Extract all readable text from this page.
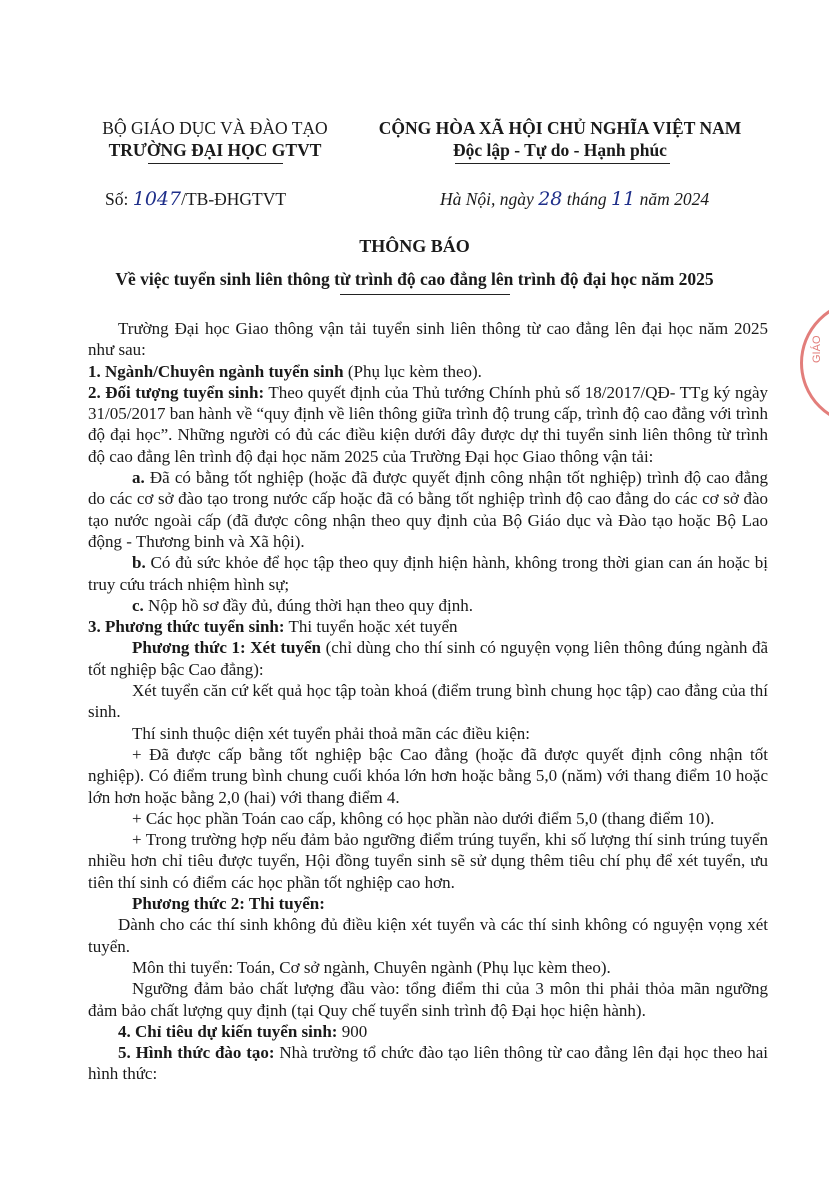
BỘ GIÁO DỤC VÀ ĐÀO TẠO
TRƯỜNG ĐẠI HỌC GTVT
CỘNG HÒA XÃ HỘI CHỦ NGHĨA VIỆT NAM
Độc lập - Tự do - Hạnh phúc
Số: 1047/TB-ĐHGTVT	Hà Nội, ngày 28 tháng 11 năm 2024
THÔNG BÁO
Về việc tuyển sinh liên thông từ trình độ cao đẳng lên trình độ đại học năm 2025
GIÁO

Trường Đại học Giao thông vận tải tuyển sinh liên thông từ cao đẳng lên đại học năm 2025 như sau:

1. Ngành/Chuyên ngành tuyển sinh (Phụ lục kèm theo).

2. Đối tượng tuyển sinh: Theo quyết định của Thủ tướng Chính phủ số 18/2017/QĐ- TTg ký ngày 31/05/2017 ban hành về “quy định về liên thông giữa trình độ trung cấp, trình độ cao đẳng với trình độ đại học”. Những người có đủ các điều kiện dưới đây được dự thi tuyển sinh liên thông từ trình độ cao đẳng lên trình độ đại học năm 2025 của Trường Đại học Giao thông vận tải:

a. Đã có bằng tốt nghiệp (hoặc đã được quyết định công nhận tốt nghiệp) trình độ cao đẳng do các cơ sở đào tạo trong nước cấp hoặc đã có bằng tốt nghiệp trình độ cao đẳng do các cơ sở đào tạo nước ngoài cấp (đã được công nhận theo quy định của Bộ Giáo dục và Đào tạo hoặc Bộ Lao động - Thương binh và Xã hội).

b. Có đủ sức khỏe để học tập theo quy định hiện hành, không trong thời gian can án hoặc bị truy cứu trách nhiệm hình sự;

c. Nộp hồ sơ đầy đủ, đúng thời hạn theo quy định.

3. Phương thức tuyển sinh: Thi tuyển hoặc xét tuyển

Phương thức 1: Xét tuyển (chỉ dùng cho thí sinh có nguyện vọng liên thông đúng ngành đã tốt nghiệp bậc Cao đẳng):

Xét tuyển căn cứ kết quả học tập toàn khoá (điểm trung bình chung học tập) cao đẳng của thí sinh.

Thí sinh thuộc diện xét tuyển phải thoả mãn các điều kiện:

+ Đã được cấp bằng tốt nghiệp bậc Cao đẳng (hoặc đã được quyết định công nhận tốt nghiệp). Có điểm trung bình chung cuối khóa lớn hơn hoặc bằng 5,0 (năm) với thang điểm 10 hoặc lớn hơn hoặc bằng 2,0 (hai) với thang điểm 4.

+ Các học phần Toán cao cấp, không có học phần nào dưới điểm 5,0 (thang điểm 10).

+ Trong trường hợp nếu đảm bảo ngưỡng điểm trúng tuyển, khi số lượng thí sinh trúng tuyển nhiều hơn chỉ tiêu được tuyển, Hội đồng tuyển sinh sẽ sử dụng thêm tiêu chí phụ để xét tuyển, ưu tiên thí sinh có điểm các học phần tốt nghiệp cao hơn.

Phương thức 2: Thi tuyển:

Dành cho các thí sinh không đủ điều kiện xét tuyển và các thí sinh không có nguyện vọng xét tuyển.

Môn thi tuyển: Toán, Cơ sở ngành, Chuyên ngành (Phụ lục kèm theo).

Ngưỡng đảm bảo chất lượng đầu vào: tổng điểm thi của 3 môn thi phải thỏa mãn ngưỡng đảm bảo chất lượng quy định (tại Quy chế tuyển sinh trình độ Đại học hiện hành).

4. Chỉ tiêu dự kiến tuyển sinh: 900

5. Hình thức đào tạo: Nhà trường tổ chức đào tạo liên thông từ cao đẳng lên đại học theo hai hình thức:
